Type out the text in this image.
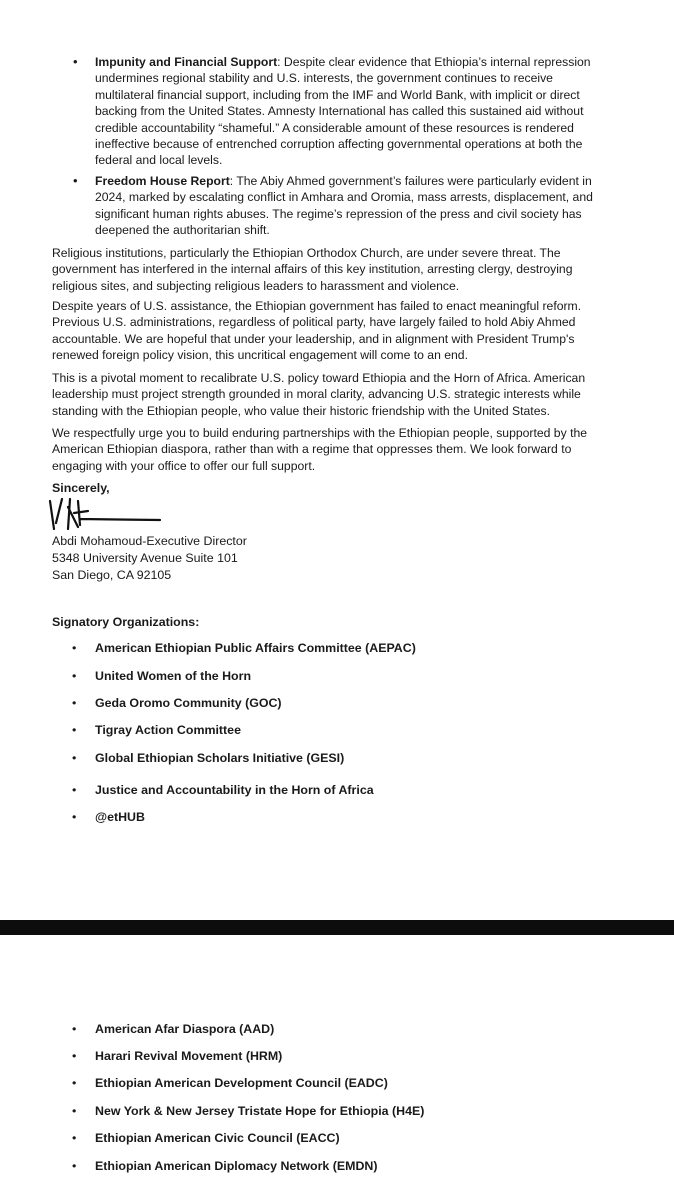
• Impunity and Financial Support: Despite clear evidence that Ethiopia’s internal repression undermines regional stability and U.S. interests, the government continues to receive multilateral financial support, including from the IMF and World Bank, with implicit or direct backing from the United States. Amnesty International has called this sustained aid without credible accountability “shameful.” A considerable amount of these resources is rendered ineffective because of entrenched corruption affecting governmental operations at both the federal and local levels.
• Freedom House Report: The Abiy Ahmed government’s failures were particularly evident in 2024, marked by escalating conflict in Amhara and Oromia, mass arrests, displacement, and significant human rights abuses. The regime’s repression of the press and civil society has deepened the authoritarian shift.
Religious institutions, particularly the Ethiopian Orthodox Church, are under severe threat. The government has interfered in the internal affairs of this key institution, arresting clergy, destroying religious sites, and subjecting religious leaders to harassment and violence.
Despite years of U.S. assistance, the Ethiopian government has failed to enact meaningful reform. Previous U.S. administrations, regardless of political party, have largely failed to hold Abiy Ahmed accountable. We are hopeful that under your leadership, and in alignment with President Trump's renewed foreign policy vision, this uncritical engagement will come to an end.
This is a pivotal moment to recalibrate U.S. policy toward Ethiopia and the Horn of Africa. American leadership must project strength grounded in moral clarity, advancing U.S. strategic interests while standing with the Ethiopian people, who value their historic friendship with the United States.
We respectfully urge you to build enduring partnerships with the Ethiopian people, supported by the American Ethiopian diaspora, rather than with a regime that oppresses them. We look forward to engaging with your office to offer our full support.
Sincerely,
Abdi Mohamoud-Executive Director
5348 University Avenue Suite 101
San Diego, CA 92105
Signatory Organizations:
• American Ethiopian Public Affairs Committee (AEPAC)
• United Women of the Horn
• Geda Oromo Community (GOC)
• Tigray Action Committee
• Global Ethiopian Scholars Initiative (GESI)
• Justice and Accountability in the Horn of Africa
• @etHUB
• American Afar Diaspora (AAD)
• Harari Revival Movement (HRM)
• Ethiopian American Development Council (EADC)
• New York & New Jersey Tristate Hope for Ethiopia (H4E)
• Ethiopian American Civic Council (EACC)
• Ethiopian American Diplomacy Network (EMDN)
